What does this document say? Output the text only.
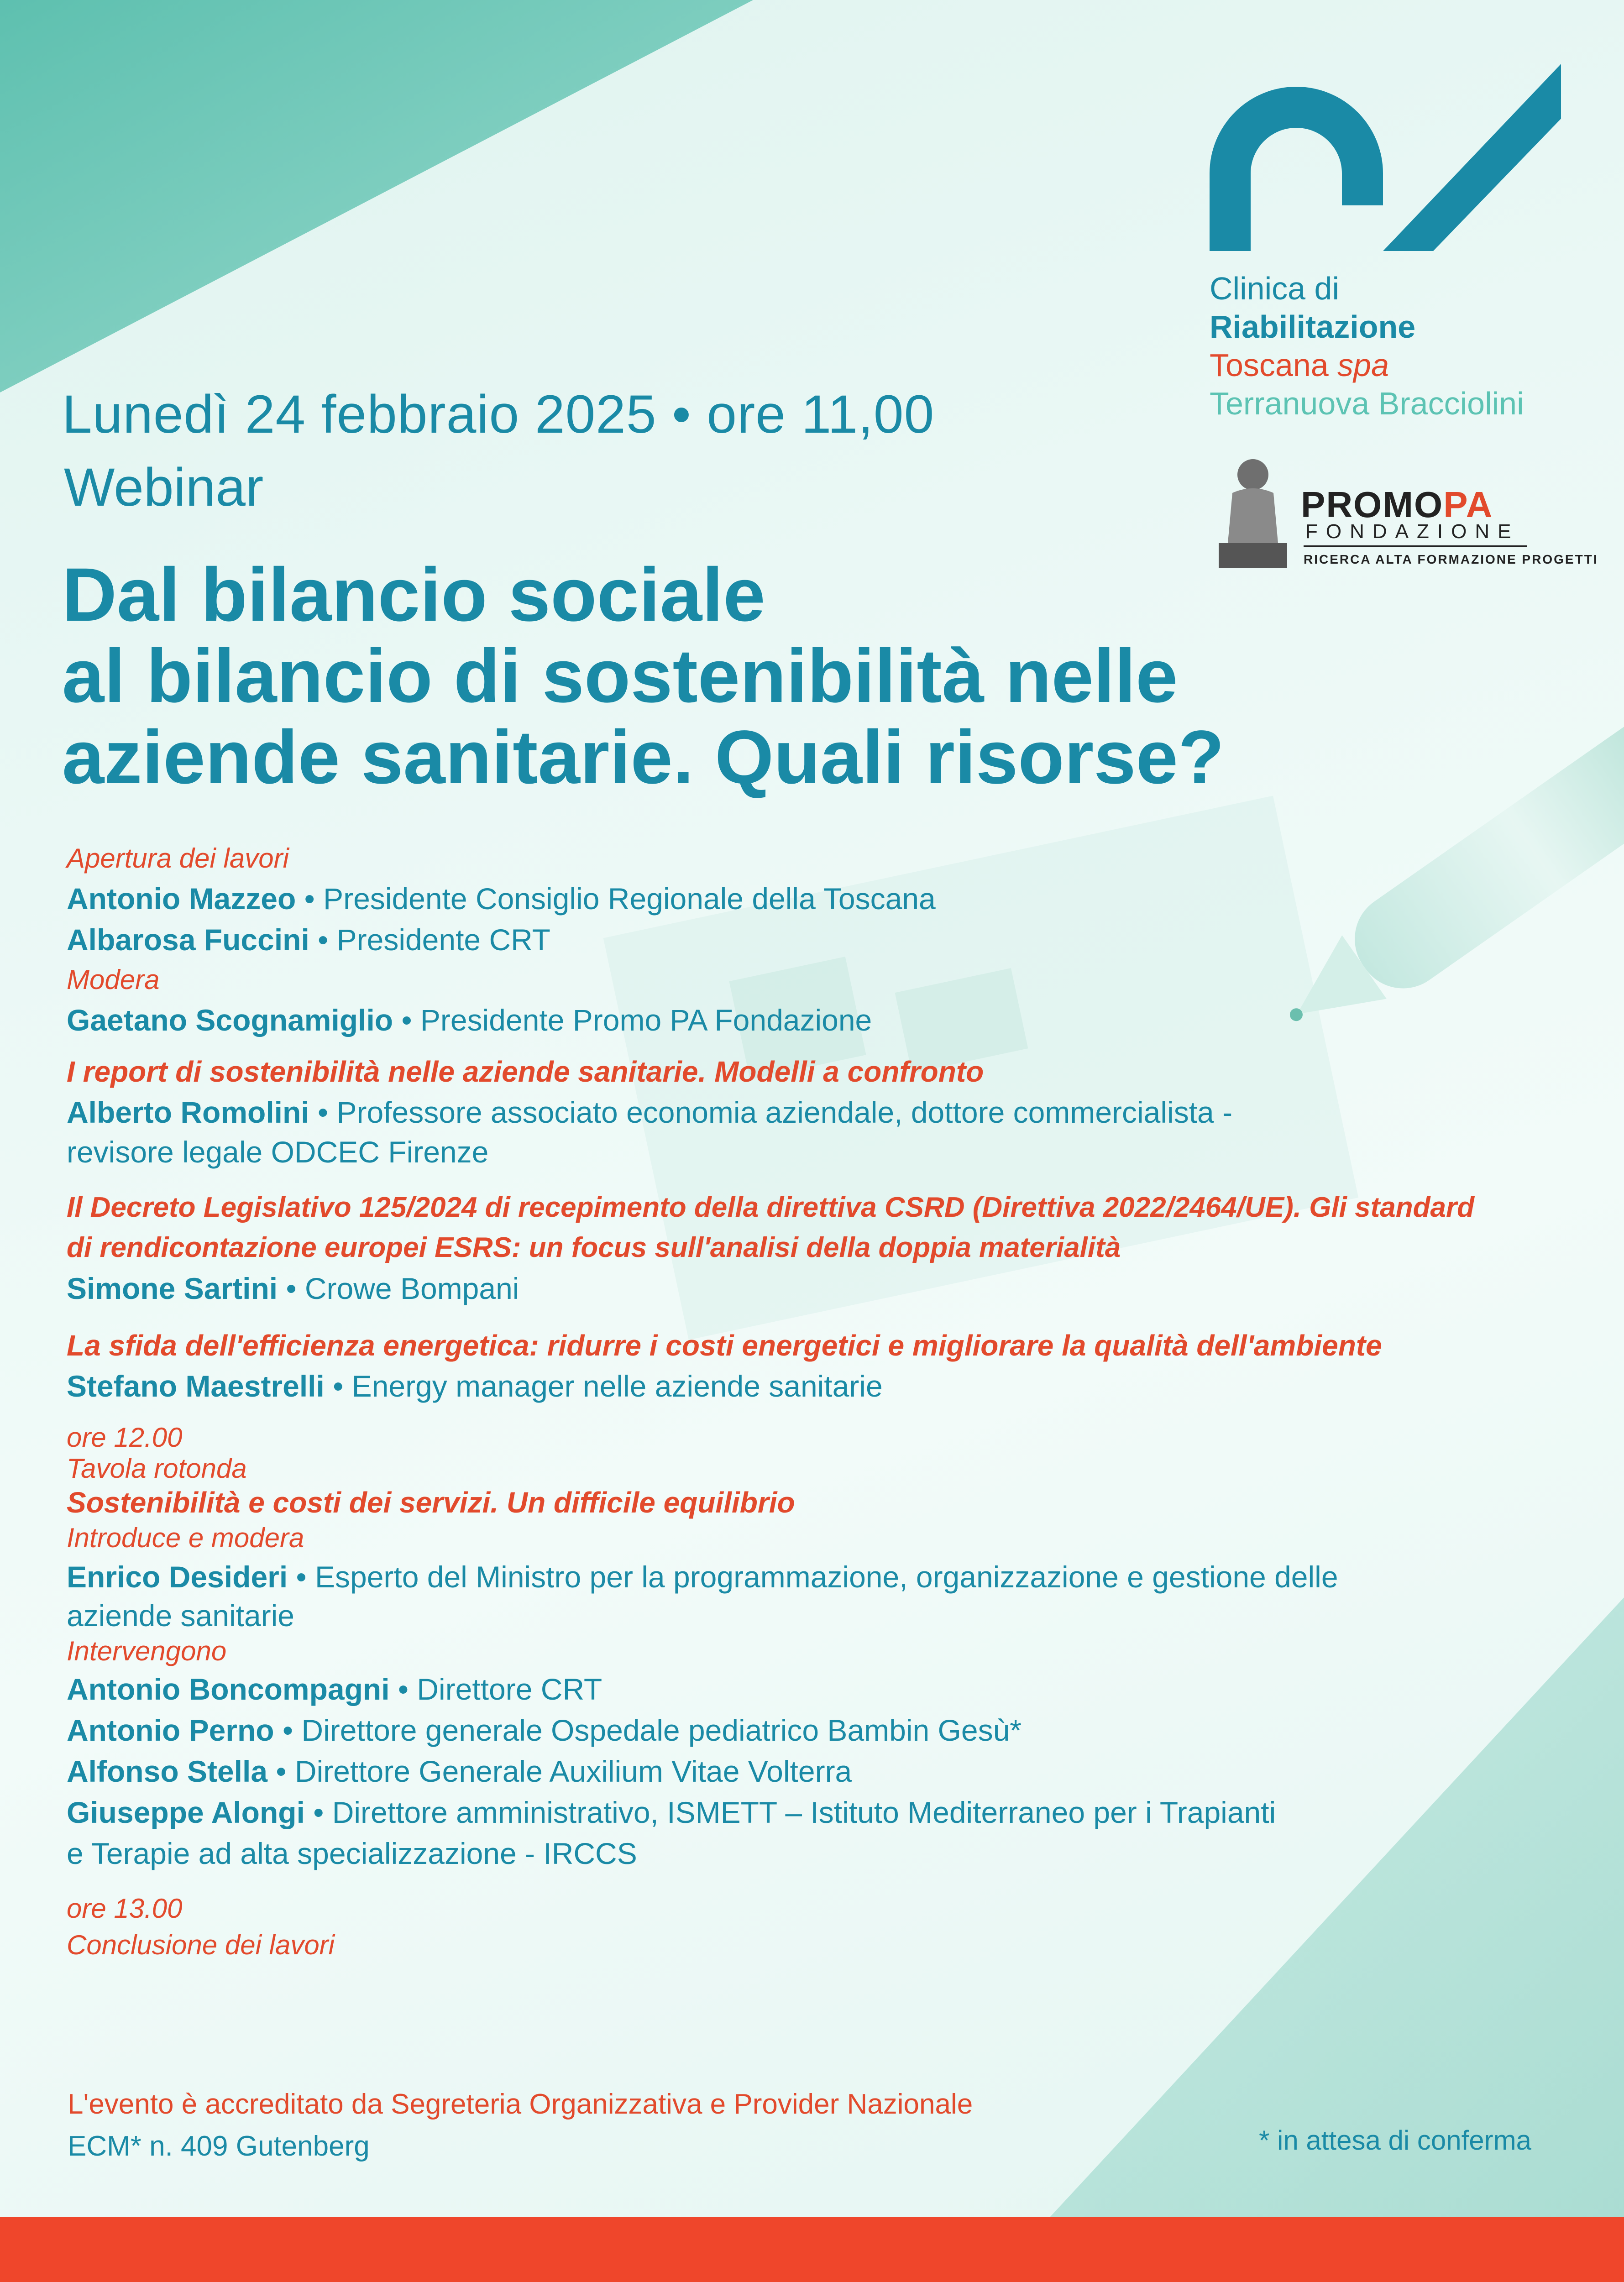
Clinica di
Riabilitazione
Toscana spa
Terranuova Bracciolini
PROMOPA
FONDAZIONE
RICERCA ALTA FORMAZIONE PROGETTI
Lunedì 24 febbraio 2025 • ore 11,00
Webinar
Dal bilancio sociale
al bilancio di sostenibilità nelle
aziende sanitarie. Quali risorse?
Apertura dei lavori
Antonio Mazzeo • Presidente Consiglio Regionale della Toscana
Albarosa Fuccini • Presidente CRT
Modera
Gaetano Scognamiglio • Presidente Promo PA Fondazione
I report di sostenibilità nelle aziende sanitarie. Modelli a confronto
Alberto Romolini • Professore associato economia aziendale, dottore commercialista -
revisore legale ODCEC Firenze
Il Decreto Legislativo 125/2024 di recepimento della direttiva CSRD (Direttiva 2022/2464/UE). Gli standard
di rendicontazione europei ESRS: un focus sull'analisi della doppia materialità
Simone Sartini • Crowe Bompani
La sfida dell'efficienza energetica: ridurre i costi energetici e migliorare la qualità dell'ambiente
Stefano Maestrelli • Energy manager nelle aziende sanitarie
ore 12.00
Tavola rotonda
Sostenibilità e costi dei servizi. Un difficile equilibrio
Introduce e modera
Enrico Desideri • Esperto del Ministro per la programmazione, organizzazione e gestione delle
aziende sanitarie
Intervengono
Antonio Boncompagni • Direttore CRT
Antonio Perno • Direttore generale Ospedale pediatrico Bambin Gesù*
Alfonso Stella • Direttore Generale Auxilium Vitae Volterra
Giuseppe Alongi • Direttore amministrativo, ISMETT – Istituto Mediterraneo per i Trapianti
e Terapie ad alta specializzazione - IRCCS
ore 13.00
Conclusione dei lavori
L'evento è accreditato da Segreteria Organizzativa e Provider Nazionale
ECM* n. 409 Gutenberg	* in attesa di conferma
